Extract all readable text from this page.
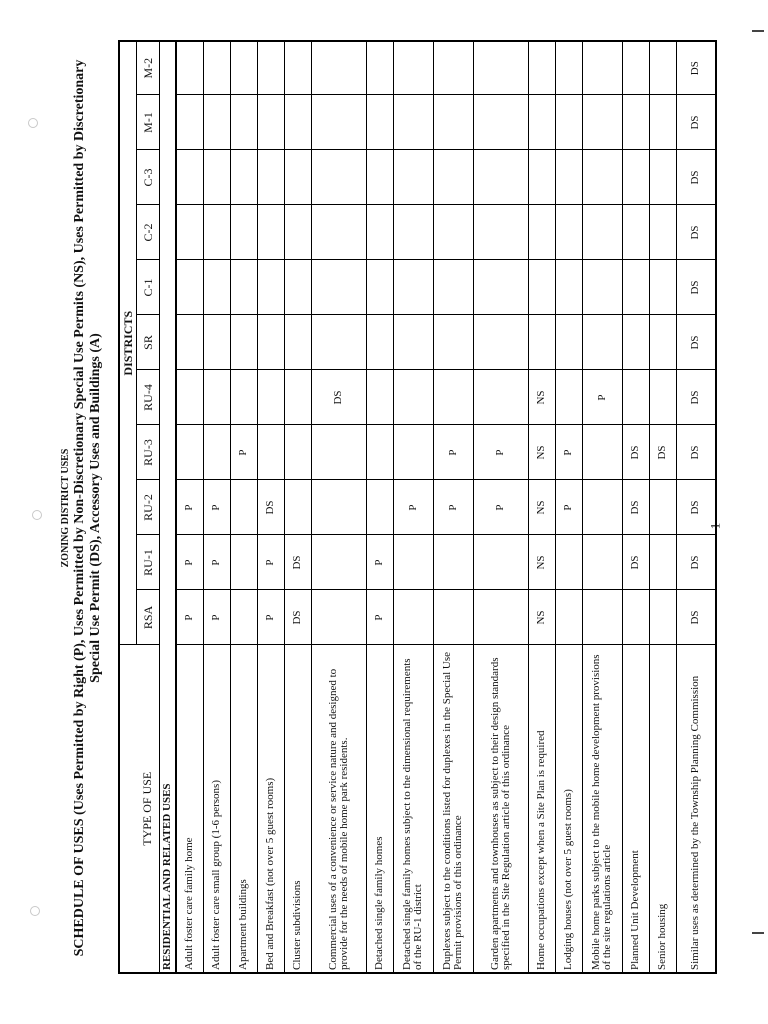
1
ZONING DISTRICT USES SCHEDULE OF USES (Uses Permitted by Right (P), Uses Permitted by Non-Discretionary Special Use Permits (NS), Uses Permitted by Discretionary Special Use Permit (DS), Accessory Uses and Buildings (A)
	DISTRICTS										
TYPE OF USE	RSA	RU-1	RU-2	RU-3	RU-4	SR	C-1	C-2	C-3	M-1	M-2
RESIDENTIAL AND RELATED USES											
Adult foster care family home	P	P	P								
Adult foster care small group (1-6 persons)	P	P	P								
Apartment buildings				P							
Bed and Breakfast (not over 5 guest rooms)	P	P	DS								
Cluster subdivisions	DS	DS									
Commercial uses of a convenience or service nature and designed to provide for the needs of mobile home park residents.					DS						
Detached single family homes	P	P									
Detached single family homes subject to the dimensional requirements of the RU-1 district			P								
Duplexes subject to the conditions listed for duplexes in the Special Use Permit provisions of this ordinance			P	P							
Garden apartments and townhouses as subject to their design standards specified in the Site Regulation article of this ordinance			P	P							
Home occupations except when a Site Plan is required	NS	NS	NS	NS	NS						
Lodging houses (not over 5 guest rooms)			P	P							
Mobile home parks subject to the mobile home development provisions of the site regulations article					P						
Planned Unit Development		DS	DS	DS							
Senior housing				DS							
Similar uses as determined by the Township Planning Commission	DS	DS	DS	DS	DS	DS	DS	DS	DS	DS	DS
